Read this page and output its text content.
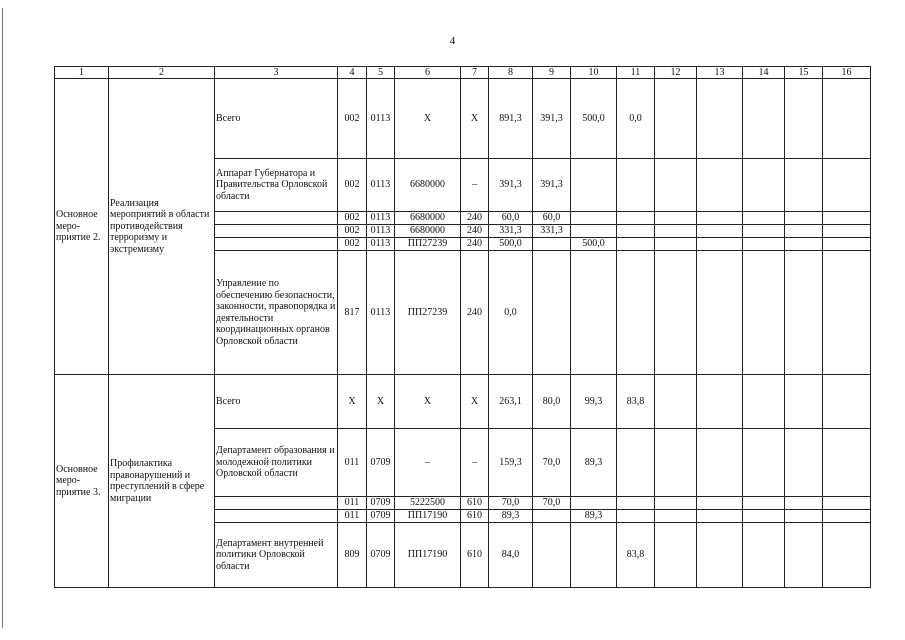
4
1	2	3	4	5	6	7	8	9	10	11	12	13	14	15	16
Основное меро-приятие 2.	Реализация мероприятий в области противодействия терроризму и экстремизму	Всего	002	0113	Х	Х	891,3	391,3	500,0	0,0					
		Аппарат Губернатора и Правительства Орловской области	002	0113	6680000	–	391,3	391,3							
			002	0113	6680000	240	60,0	60,0							
			002	0113	6680000	240	331,3	331,3							
			002	0113	ПП27239	240	500,0		500,0						
		Управление по обеспечению безопасности, законности, правопорядка и деятельности координационных органов Орловской области	817	0113	ПП27239	240	0,0								
Основное меро-приятие 3.	Профилактика правонарушений и преступлений в сфере миграции	Всего	Х	Х	Х	Х	263,1	80,0	99,3	83,8					
		Департамент образования и молодежной политики Орловской области	011	0709	–	–	159,3	70,0	89,3						
			011	0709	5222500	610	70,0	70,0							
			011	0709	ПП17190	610	89,3		89,3						
		Департамент внутренней политики Орловской области	809	0709	ПП17190	610	84,0			83,8					
